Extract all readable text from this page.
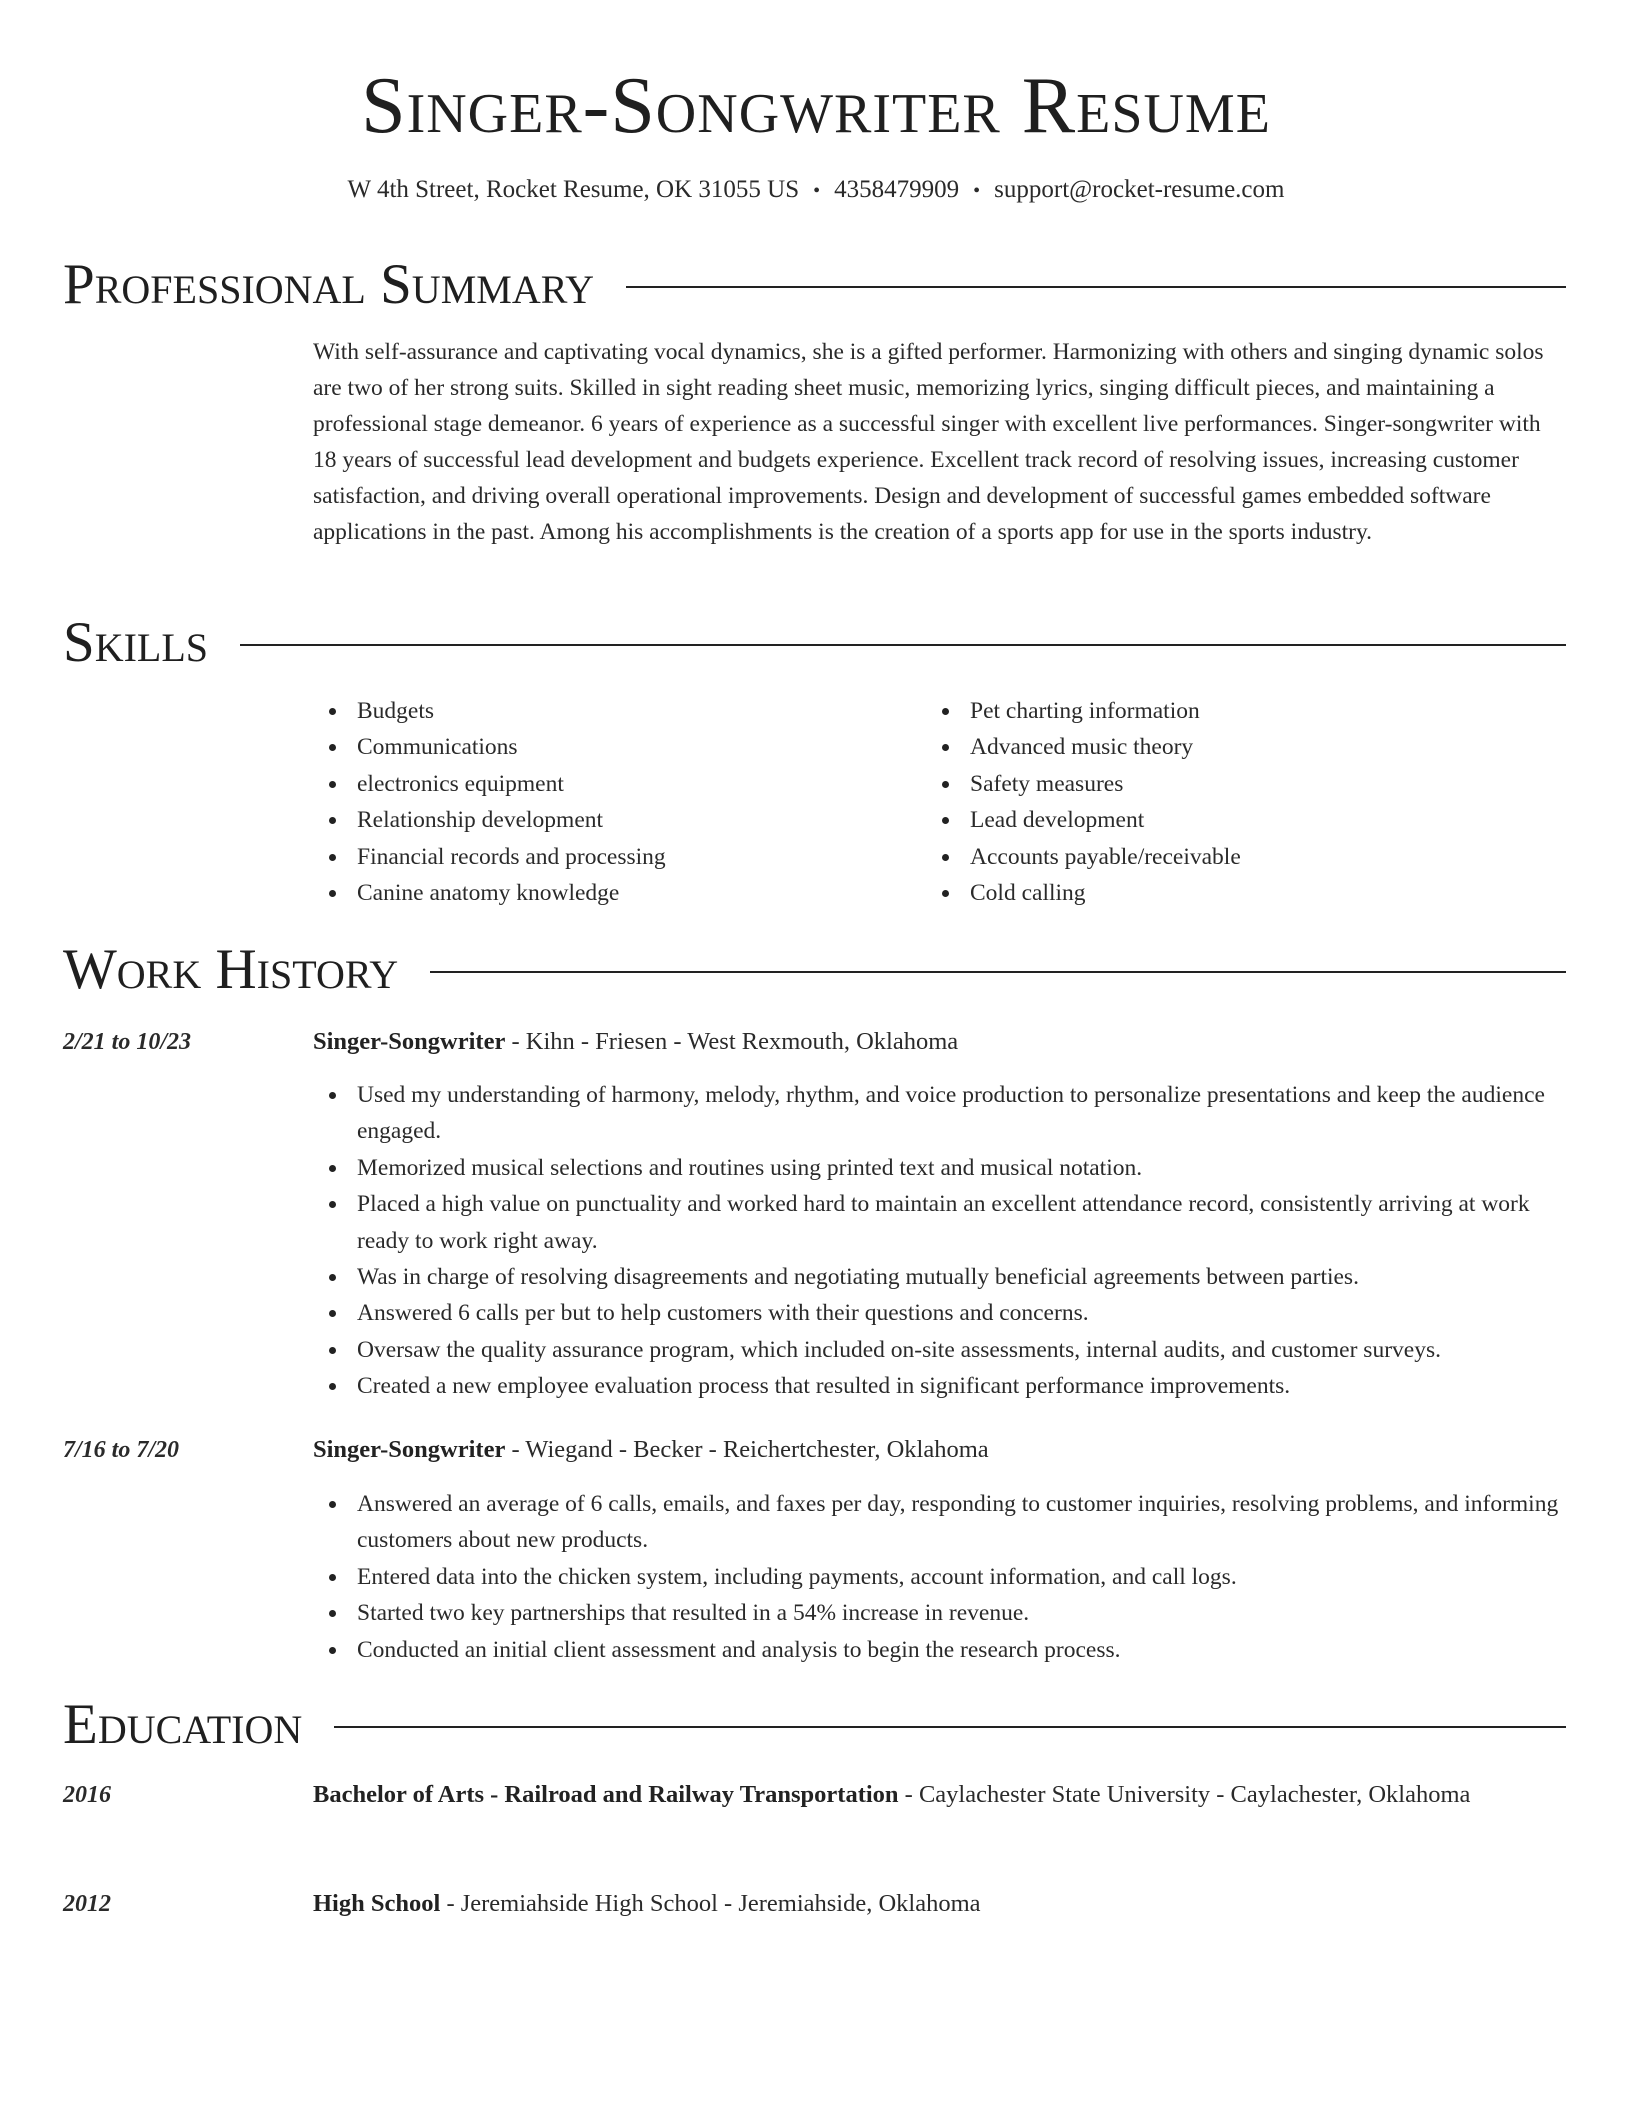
Singer-Songwriter Resume
W 4th Street, Rocket Resume, OK 31055 US • 4358479909 • support@rocket-resume.com
Professional Summary

With self-assurance and captivating vocal dynamics, she is a gifted performer. Harmonizing with others and singing dynamic solos are two of her strong suits. Skilled in sight reading sheet music, memorizing lyrics, singing difficult pieces, and maintaining a professional stage demeanor. 6 years of experience as a successful singer with excellent live performances. Singer-songwriter with 18 years of successful lead development and budgets experience. Excellent track record of resolving issues, increasing customer satisfaction, and driving overall operational improvements. Design and development of successful games embedded software applications in the past. Among his accomplishments is the creation of a sports app for use in the sports industry.

Skills
Budgets
Communications
electronics equipment
Relationship development
Financial records and processing
Canine anatomy knowledge
Pet charting information
Advanced music theory
Safety measures
Lead development
Accounts payable/receivable
Cold calling
Work History
2/21 to 10/23	Singer-Songwriter - Kihn - Friesen - West Rexmouth, Oklahoma
Used my understanding of harmony, melody, rhythm, and voice production to personalize presentations and keep the audience engaged.
Memorized musical selections and routines using printed text and musical notation.
Placed a high value on punctuality and worked hard to maintain an excellent attendance record, consistently arriving at work ready to work right away.
Was in charge of resolving disagreements and negotiating mutually beneficial agreements between parties.
Answered 6 calls per but to help customers with their questions and concerns.
Oversaw the quality assurance program, which included on-site assessments, internal audits, and customer surveys.
Created a new employee evaluation process that resulted in significant performance improvements.
7/16 to 7/20	Singer-Songwriter - Wiegand - Becker - Reichertchester, Oklahoma
Answered an average of 6 calls, emails, and faxes per day, responding to customer inquiries, resolving problems, and informing customers about new products.
Entered data into the chicken system, including payments, account information, and call logs.
Started two key partnerships that resulted in a 54% increase in revenue.
Conducted an initial client assessment and analysis to begin the research process.
Education
2016	Bachelor of Arts - Railroad and Railway Transportation - Caylachester State University - Caylachester, Oklahoma
2012	High School - Jeremiahside High School - Jeremiahside, Oklahoma
